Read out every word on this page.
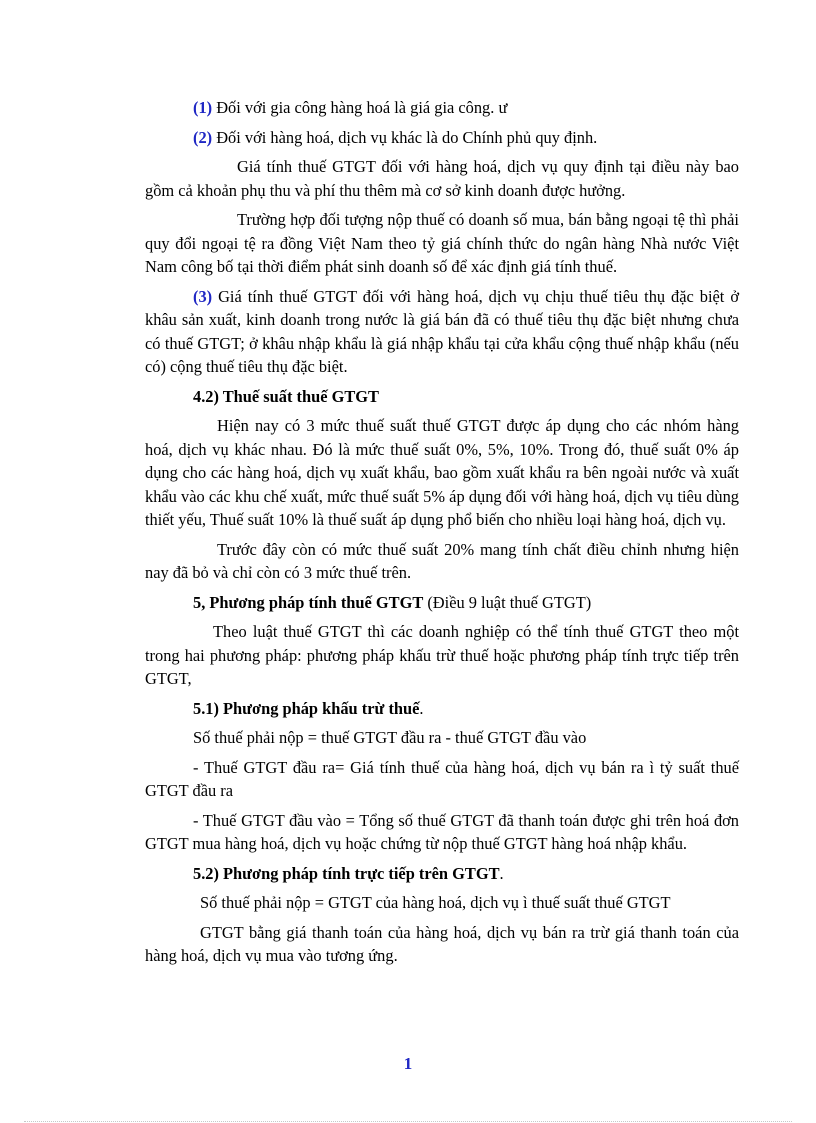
(1) Đối với gia công hàng hoá là giá gia công. ư

(2) Đối với hàng hoá, dịch vụ khác là do Chính phủ quy định.

Giá tính thuế GTGT đối với hàng hoá, dịch vụ quy định tại điều này bao gồm cả khoản phụ thu và phí thu thêm mà cơ sở kinh doanh được hưởng.

Trường hợp đối tượng nộp thuế có doanh số mua, bán bằng ngoại tệ thì phải quy đổi ngoại tệ ra đồng Việt Nam theo tỷ giá chính thức do ngân hàng Nhà nước Việt Nam công bố tại thời điểm phát sinh doanh số để xác định giá tính thuế.

(3) Giá tính thuế GTGT đối với hàng hoá, dịch vụ chịu thuế tiêu thụ đặc biệt ở khâu sản xuất, kinh doanh trong nước là giá bán đã có thuế tiêu thụ đặc biệt nhưng chưa có thuế GTGT; ở khâu nhập khẩu là giá nhập khẩu tại cửa khẩu cộng thuế nhập khẩu (nếu có) cộng thuế tiêu thụ đặc biệt.

4.2) Thuế suất thuế GTGT

Hiện nay có 3 mức thuế suất thuế GTGT được áp dụng cho các nhóm hàng hoá, dịch vụ khác nhau. Đó là mức thuế suất 0%, 5%, 10%. Trong đó, thuế suất 0% áp dụng cho các hàng hoá, dịch vụ xuất khẩu, bao gồm xuất khẩu ra bên ngoài nước và xuất khẩu vào các khu chế xuất, mức thuế suất 5% áp dụng đối với hàng hoá, dịch vụ tiêu dùng thiết yếu, Thuế suất 10% là thuế suất áp dụng phổ biến cho nhiều loại hàng hoá, dịch vụ.

Trước đây còn có mức thuế suất 20% mang tính chất điều chỉnh nhưng hiện nay đã bỏ và chỉ còn có 3 mức thuế trên.

5, Phương pháp tính thuế GTGT (Điều 9 luật thuế GTGT)

Theo luật thuế GTGT thì các doanh nghiệp có thể tính thuế GTGT theo một trong hai phương pháp: phương pháp khấu trừ thuế hoặc phương pháp tính trực tiếp trên GTGT,

5.1) Phương pháp khấu trừ thuế.

Số thuế phải nộp = thuế GTGT đầu ra - thuế GTGT đầu vào

- Thuế GTGT đầu ra= Giá tính thuế của hàng hoá, dịch vụ bán ra ì tỷ suất thuế GTGT đầu ra

- Thuế GTGT đầu vào = Tổng số thuế GTGT đã thanh toán được ghi trên hoá đơn GTGT mua hàng hoá, dịch vụ hoặc chứng từ nộp thuế GTGT hàng hoá nhập khẩu.

5.2) Phương pháp tính trực tiếp trên GTGT.

Số thuế phải nộp = GTGT của hàng hoá, dịch vụ ì thuế suất thuế GTGT

GTGT bằng giá thanh toán của hàng hoá, dịch vụ bán ra trừ giá thanh toán của hàng hoá, dịch vụ mua vào tương ứng.

1
